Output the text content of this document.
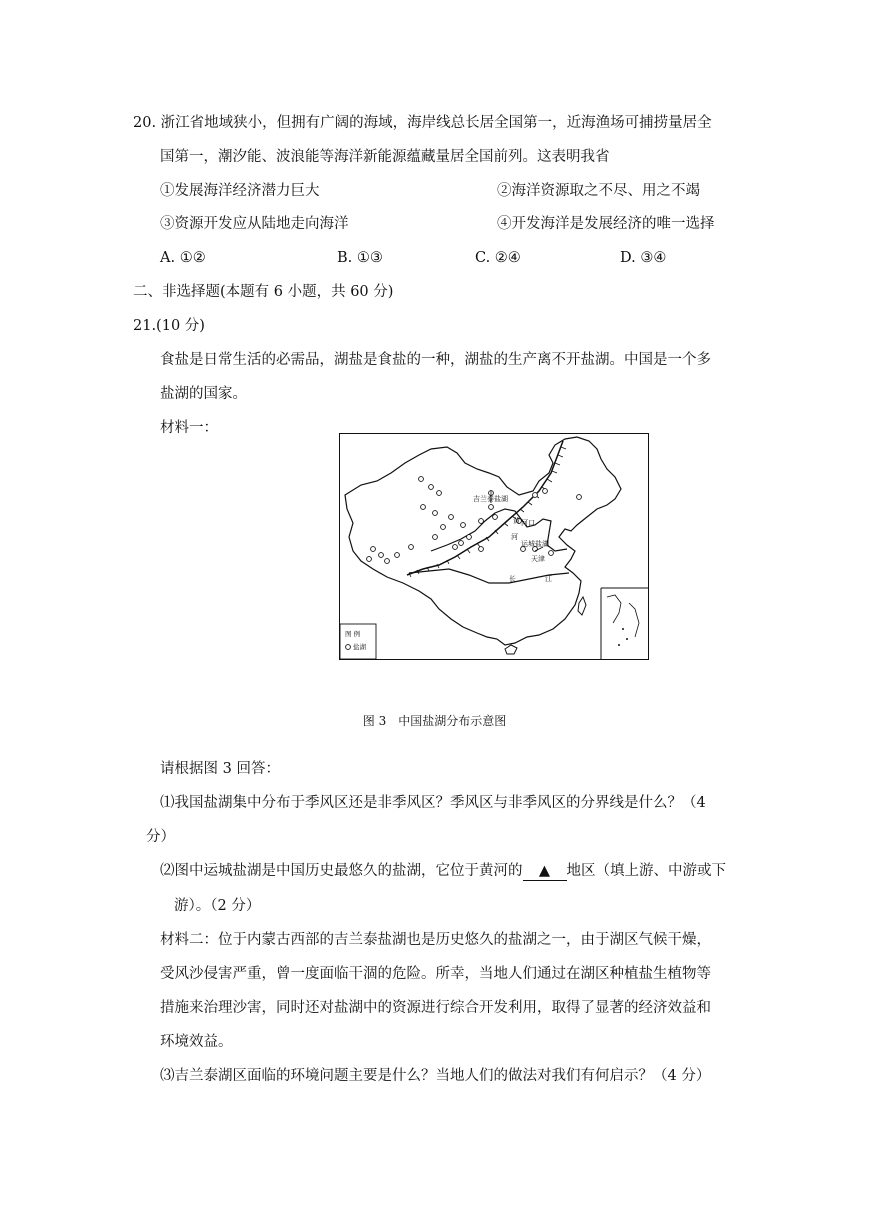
20. 浙江省地域狭小，但拥有广阔的海域，海岸线总长居全国第一，近海渔场可捕捞量居全
国第一，潮汐能、波浪能等海洋新能源蕴藏量居全国前列。这表明我省
①发展海洋经济潜力巨大	②海洋资源取之不尽、用之不竭
③资源开发应从陆地走向海洋	④开发海洋是发展经济的唯一选择
A. ①②	B. ①③	C. ②④	D. ③④
二、非选择题(本题有 6 小题，共 60 分)
21.(10 分)
食盐是日常生活的必需品，湖盐是食盐的一种，湖盐的生产离不开盐湖。中国是一个多
盐湖的国家。
材料一：
吉兰泰盐湖
黄 河口
河
运城盐湖
天津
长	江
图 例
盐湖
图 3　中国盐湖分布示意图
请根据图 3 回答：
⑴我国盐湖集中分布于季风区还是非季风区？季风区与非季风区的分界线是什么？（4
分）
⑵图中运城盐湖是中国历史最悠久的盐湖，它位于黄河的 ▲ 地区（填上游、中游或下
游）。（2 分）
材料二：位于内蒙古西部的吉兰泰盐湖也是历史悠久的盐湖之一，由于湖区气候干燥，
受风沙侵害严重，曾一度面临干涸的危险。所幸，当地人们通过在湖区种植盐生植物等
措施来治理沙害，同时还对盐湖中的资源进行综合开发利用，取得了显著的经济效益和
环境效益。
⑶吉兰泰湖区面临的环境问题主要是什么？当地人们的做法对我们有何启示？（4 分）
